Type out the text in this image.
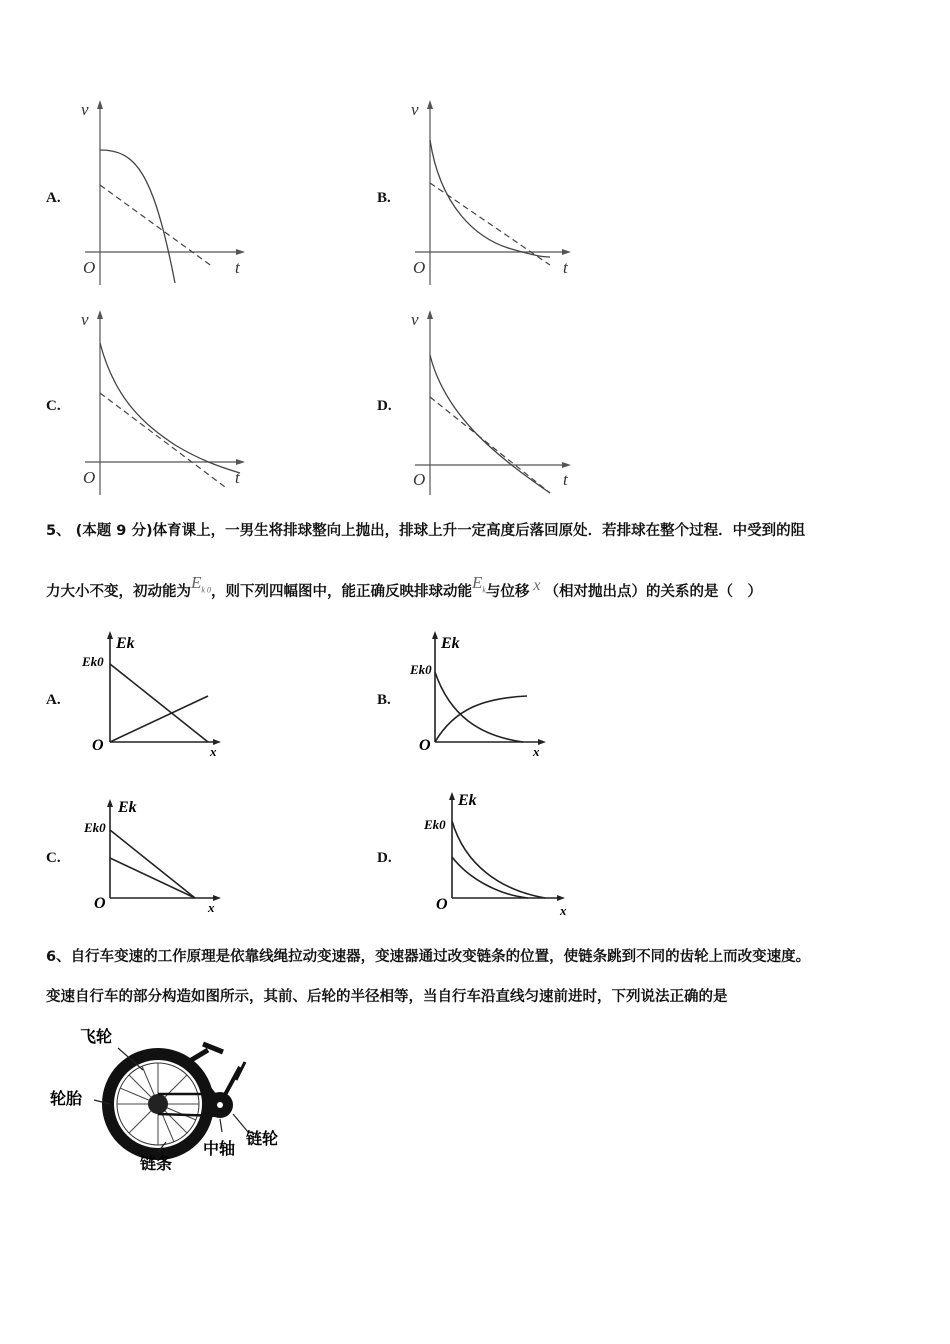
A.
v
O	t
B.
v
O	t
C.
v
O	t
D.
v
O	t
5、 (本题 9 分)体育课上，一男生将排球整向上抛出，排球上升一定高度后落回原处．若排球在整个过程．中受到的阻
力大小不变，初动能为$E_{k 0}$，则下列四幅图中，能正确反映排球动能$E_k$与位移 x （相对抛出点）的关系的是（　）
A.
Ek
Ek0
O	x
B.
Ek
Ek0
O	x
C.
Ek
Ek0
O	x
D.
Ek
Ek0
O	x
6、自行车变速的工作原理是依靠线绳拉动变速器，变速器通过改变链条的位置，使链条跳到不同的齿轮上而改变速度。
变速自行车的部分构造如图所示，其前、后轮的半径相等，当自行车沿直线匀速前进时，下列说法正确的是
飞轮
轮胎
链条
中轴
链轮
